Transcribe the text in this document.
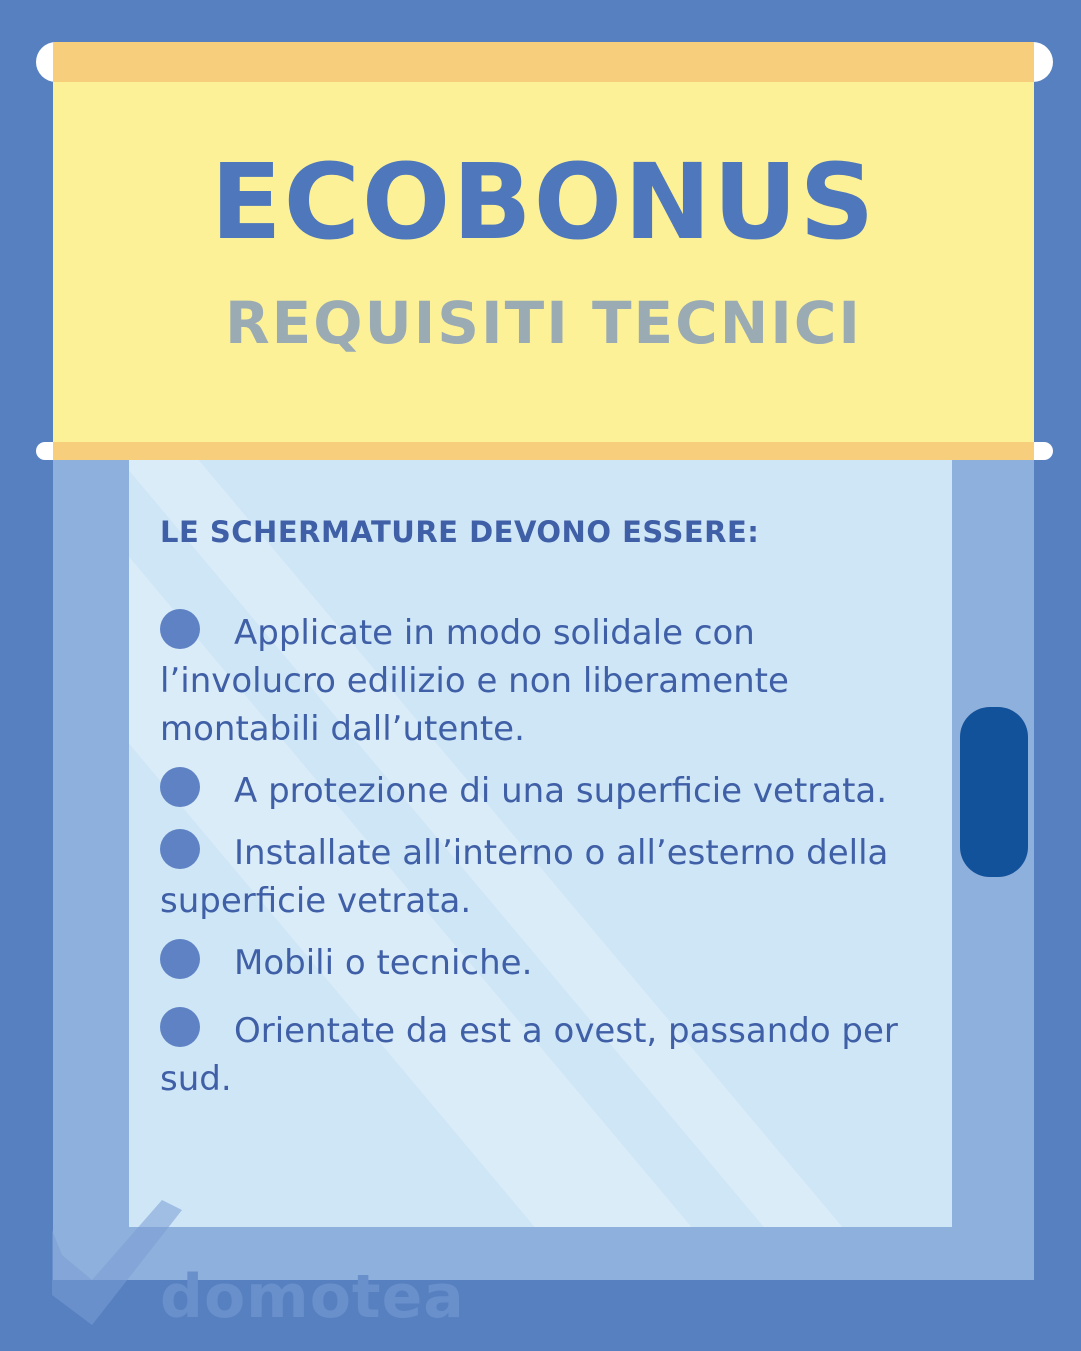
ECOBONUS
REQUISITI TECNICI

LE SCHERMATURE DEVONO ESSERE:

Applicate in modo solidale con l’involucro edilizio e non liberamente montabili dall’utente.
A protezione di una superficie vetrata.
Installate all’interno o all’esterno della superficie vetrata.
Mobili o tecniche.
Orientate da est a ovest, passando per sud.
domotea
